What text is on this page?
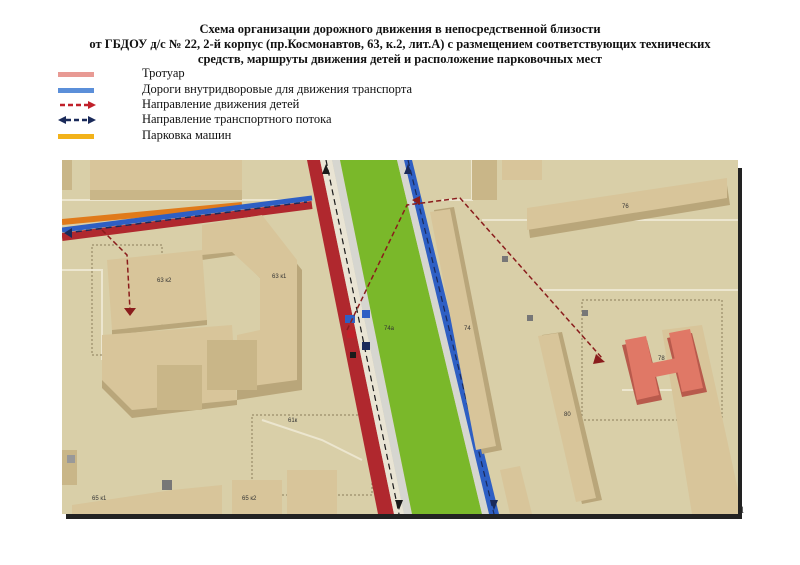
Схема организации дорожного движения в непосредственной близости
от ГБДОУ д/с № 22, 2-й корпус (пр.Космонавтов, 63, к.2, лит.А) с размещением соответствующих технических
средств, маршруты движения детей и расположение парковочных мест
Тротуар
Дороги внутридворовые для движения транспорта
Направление движения детей
Направление транспортного потока
Парковка машин
63 к2
63 к1
65 к1	65 к2
74
74а
76
78
80
61к
1
